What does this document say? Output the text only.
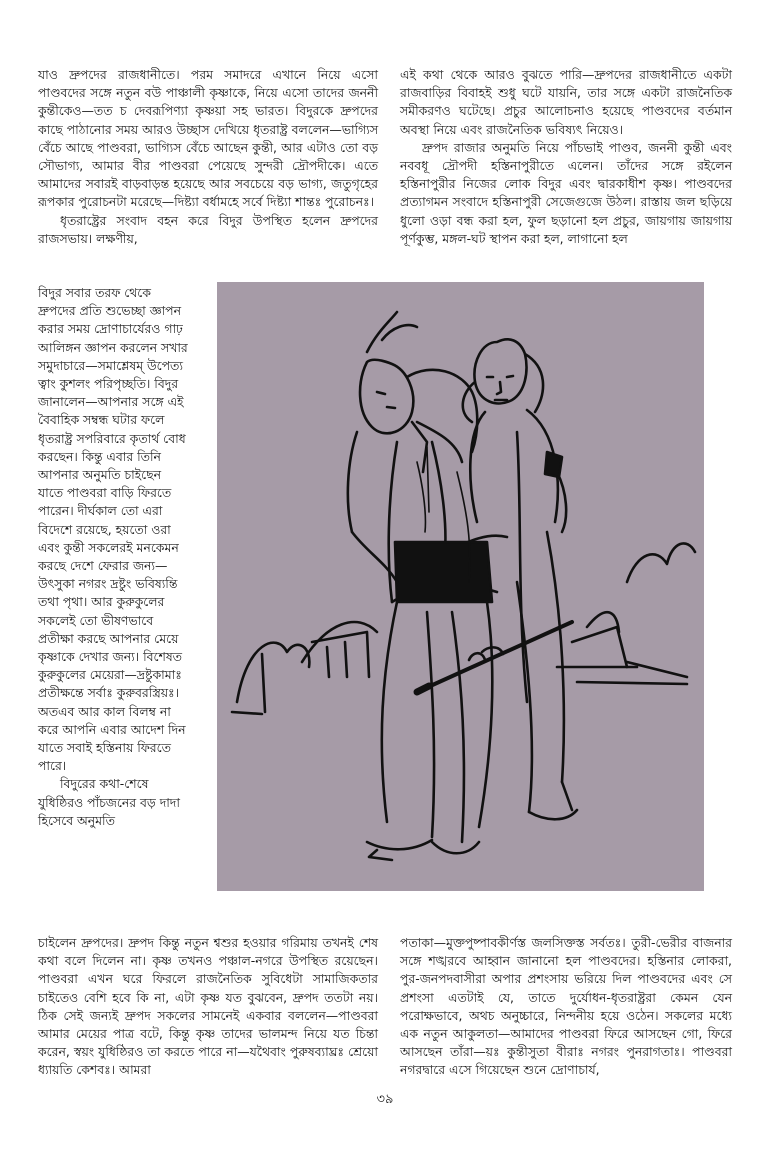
যাও দ্রুপদের রাজধানীতে। পরম সমাদরে এখানে নিয়ে এসো পাণ্ডবদের সঙ্গে নতুন বউ পাঞ্চালী কৃষ্ণাকে, নিয়ে এসো তাদের জননী কুন্তীকেও—তত চ দেবরূপিণ্যা কৃষ্ণয়া সহ ভারত। বিদুরকে দ্রুপদের কাছে পাঠানোর সময় আরও উচ্ছাস দেখিয়ে ধৃতরাষ্ট্র বললেন—ভাগ্যিস বেঁচে আছে পাণ্ডবরা, ভাগ্যিস বেঁচে আছেন কুন্তী, আর এটাও তো বড় সৌভাগ্য, আমার বীর পাণ্ডবরা পেয়েছে সুন্দরী দ্রৌপদীকে। এতে আমাদের সবারই বাড়বাড়ন্ত হয়েছে আর সবচেয়ে বড় ভাগ্য, জতুগৃহের রূপকার পুরোচনটা মরেছে—দিষ্ট্যা বর্ধামহে সর্বে দিষ্ট্যা শান্তঃ পুরোচনঃ।

ধৃতরাষ্ট্রের সংবাদ বহন করে বিদুর উপস্থিত হলেন দ্রুপদের রাজসভায়। লক্ষণীয়,

বিদুর সবার তরফ থেকে দ্রুপদের প্রতি শুভেচ্ছা জ্ঞাপন করার সময় দ্রোণাচার্যেরও গাঢ় আলিঙ্গন জ্ঞাপন করলেন সখার সমুদাচারে—সমাশ্লেষম্ উপেত্য ত্বাং কুশলং পরিপৃচ্ছতি। বিদুর জানালেন—আপনার সঙ্গে এই বৈবাহিক সম্বন্ধ ঘটার ফলে ধৃতরাষ্ট্র সপরিবারে কৃতার্থ বোধ করছেন। কিন্তু এবার তিনি আপনার অনুমতি চাইছেন যাতে পাণ্ডবরা বাড়ি ফিরতে পারেন। দীর্ঘকাল তো এরা বিদেশে রয়েছে, হয়তো ওরা এবং কুন্তী সকলেরই মনকেমন করছে দেশে ফেরার জন্য—উৎসুকা নগরং দ্রষ্টুং ভবিষ্যন্তি তথা পৃথা। আর কুরুকুলের সকলেই তো ভীষণভাবে প্রতীক্ষা করছে আপনার মেয়ে কৃষ্ণাকে দেখার জন্য। বিশেষত কুরুকুলের মেয়েরা—দ্রষ্টুকামাঃ প্রতীক্ষন্তে সর্বাঃ কুরুবরস্ত্রিয়ঃ। অতএব আর কাল বিলম্ব না করে আপনি এবার আদেশ দিন যাতে সবাই হস্তিনায় ফিরতে পারে।

বিদুরের কথা-শেষে যুধিষ্ঠিরও পাঁচজনের বড় দাদা হিসেবে অনুমতি

চাইলেন দ্রুপদের। দ্রুপদ কিন্তু নতুন শ্বশুর হওয়ার গরিমায় তখনই শেষ কথা বলে দিলেন না। কৃষ্ণ তখনও পঞ্চাল-নগরে উপস্থিত রয়েছেন। পাণ্ডবরা এখন ঘরে ফিরলে রাজনৈতিক সুবিধেটা সামাজিকতার চাইতেও বেশি হবে কি না, এটা কৃষ্ণ যত বুঝবেন, দ্রুপদ ততটা নয়। ঠিক সেই জন্যই দ্রুপদ সকলের সামনেই একবার বললেন—পাণ্ডবরা আমার মেয়ের পাত্র বটে, কিন্তু কৃষ্ণ তাদের ভালমন্দ নিয়ে যত চিন্তা করেন, স্বয়ং যুধিষ্ঠিরও তা করতে পারে না—যথৈবাং পুরুষব্যাঘ্রঃ শ্রেয়ো ধ্যায়তি কেশবঃ। আমরা

এই কথা থেকে আরও বুঝতে পারি—দ্রুপদের রাজধানীতে একটা রাজবাড়ির বিবাহই শুধু ঘটে যায়নি, তার সঙ্গে একটা রাজনৈতিক সমীকরণও ঘটেছে। প্রচুর আলোচনাও হয়েছে পাণ্ডবদের বর্তমান অবস্থা নিয়ে এবং রাজনৈতিক ভবিষ্যৎ নিয়েও।

দ্রুপদ রাজার অনুমতি নিয়ে পাঁচভাই পাণ্ডব, জননী কুন্তী এবং নববধূ দ্রৌপদী হস্তিনাপুরীতে এলেন। তাঁদের সঙ্গে রইলেন হস্তিনাপুরীর নিজের লোক বিদুর এবং দ্বারকাধীশ কৃষ্ণ। পাণ্ডবদের প্রত্যাগমন সংবাদে হস্তিনাপুরী সেজেগুজে উঠল। রাস্তায় জল ছড়িয়ে ধুলো ওড়া বন্ধ করা হল, ফুল ছড়ানো হল প্রচুর, জায়গায় জায়গায় পূর্ণকুম্ভ, মঙ্গল-ঘট স্থাপন করা হল, লাগানো হল

পতাকা—মুক্তপুষ্পাবকীর্ণস্ত জলসিক্তস্ত সর্বতঃ। তুরী-ভেরীর বাজনার সঙ্গে শঙ্খরবে আহ্বান জানানো হল পাণ্ডবদের। হস্তিনার লোকরা, পুর-জনপদবাসীরা অপার প্রশংসায় ভরিয়ে দিল পাণ্ডবদের এবং সে প্রশংসা এতটাই যে, তাতে দুর্যোধন-ধৃতরাষ্ট্ররা কেমন যেন পরোক্ষভাবে, অথচ অনুচ্চারে, নিন্দনীয় হয়ে ওঠেন। সকলের মধ্যে এক নতুন আকুলতা—আমাদের পাণ্ডবরা ফিরে আসছেন গো, ফিরে আসছেন তাঁরা—য়ঃ কুন্তীসুতা বীরাঃ নগরং পুনরাগতাঃ। পাণ্ডবরা নগরদ্বারে এসে গিয়েছেন শুনে দ্রোণাচার্য,

৩৯
